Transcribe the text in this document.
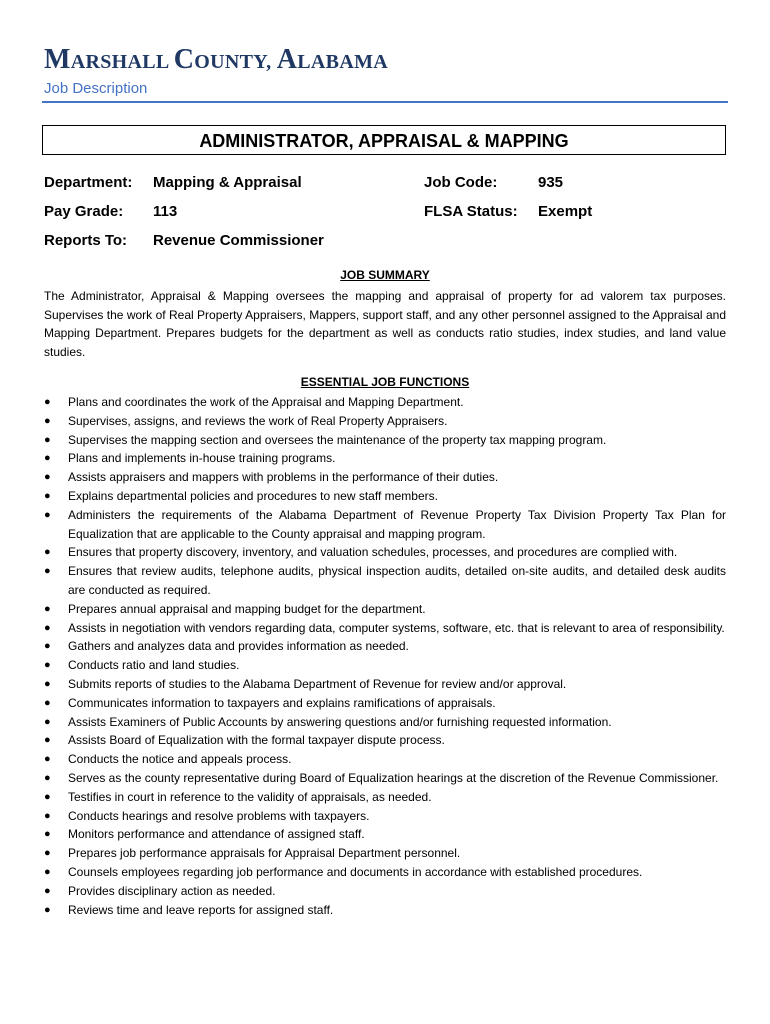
MARSHALL COUNTY, ALABAMA
Job Description
ADMINISTRATOR, APPRAISAL & MAPPING
Department: Mapping & Appraisal	Job Code:	935
Pay Grade: 113	FLSA Status: Exempt
Reports To: Revenue Commissioner
JOB SUMMARY

The Administrator, Appraisal & Mapping oversees the mapping and appraisal of property for ad valorem tax purposes. Supervises the work of Real Property Appraisers, Mappers, support staff, and any other personnel assigned to the Appraisal and Mapping Department. Prepares budgets for the department as well as conducts ratio studies, index studies, and land value studies.

ESSENTIAL JOB FUNCTIONS
● Plans and coordinates the work of the Appraisal and Mapping Department.
● Supervises, assigns, and reviews the work of Real Property Appraisers.
● Supervises the mapping section and oversees the maintenance of the property tax mapping program.
● Plans and implements in-house training programs.
● Assists appraisers and mappers with problems in the performance of their duties.
● Explains departmental policies and procedures to new staff members.
● Administers the requirements of the Alabama Department of Revenue Property Tax Division Property Tax Plan for Equalization that are applicable to the County appraisal and mapping program.
● Ensures that property discovery, inventory, and valuation schedules, processes, and procedures are complied with.
● Ensures that review audits, telephone audits, physical inspection audits, detailed on-site audits, and detailed desk audits are conducted as required.
● Prepares annual appraisal and mapping budget for the department.
● Assists in negotiation with vendors regarding data, computer systems, software, etc. that is relevant to area of responsibility.
● Gathers and analyzes data and provides information as needed.
● Conducts ratio and land studies.
● Submits reports of studies to the Alabama Department of Revenue for review and/or approval.
● Communicates information to taxpayers and explains ramifications of appraisals.
● Assists Examiners of Public Accounts by answering questions and/or furnishing requested information.
● Assists Board of Equalization with the formal taxpayer dispute process.
● Conducts the notice and appeals process.
● Serves as the county representative during Board of Equalization hearings at the discretion of the Revenue Commissioner.
● Testifies in court in reference to the validity of appraisals, as needed.
● Conducts hearings and resolve problems with taxpayers.
● Monitors performance and attendance of assigned staff.
● Prepares job performance appraisals for Appraisal Department personnel.
● Counsels employees regarding job performance and documents in accordance with established procedures.
● Provides disciplinary action as needed.
● Reviews time and leave reports for assigned staff.
